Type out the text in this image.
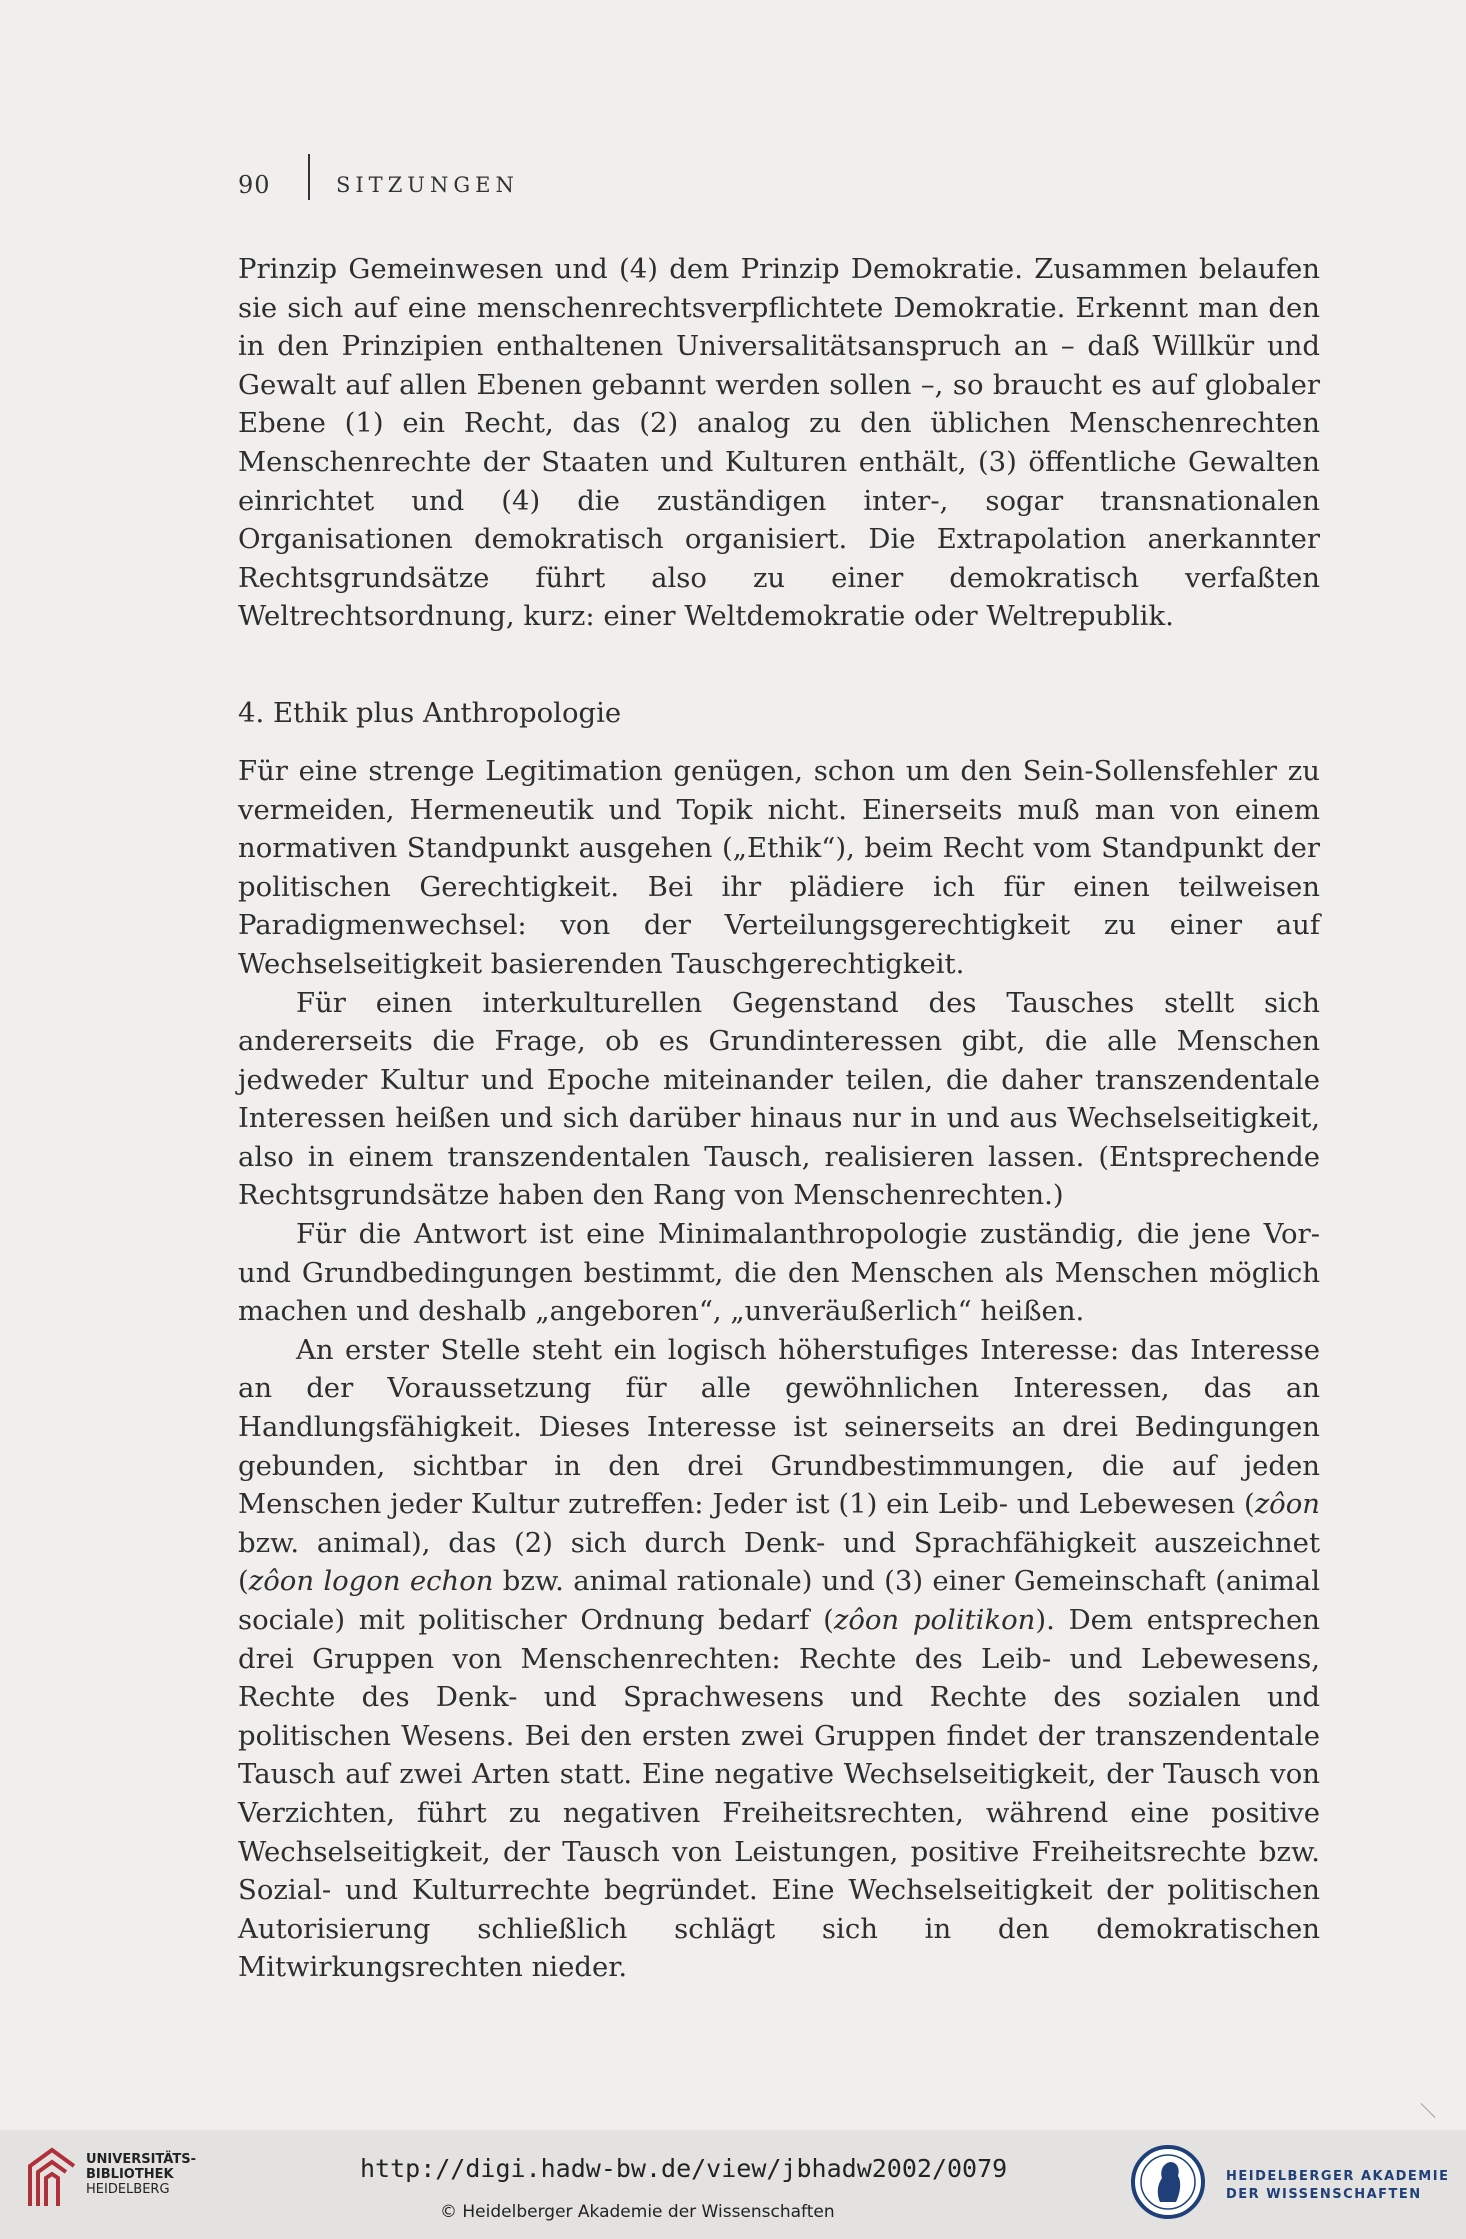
90	SITZUNGEN

Prinzip Gemeinwesen und (4) dem Prinzip Demokratie. Zusammen belaufen sie sich auf eine menschenrechtsverpflichtete Demokratie. Erkennt man den in den Prinzipien enthaltenen Universalitätsanspruch an – daß Willkür und Gewalt auf allen Ebenen gebannt werden sollen –, so braucht es auf globaler Ebene (1) ein Recht, das (2) analog zu den üblichen Menschenrechten Menschenrechte der Staaten und Kulturen enthält, (3) öffentliche Gewalten einrichtet und (4) die zuständigen inter-, sogar transnationalen Organisationen demokratisch organisiert. Die Extrapolation anerkannter Rechtsgrundsätze führt also zu einer demokratisch verfaßten Weltrechtsordnung, kurz: einer Weltdemokratie oder Weltrepublik.

4. Ethik plus Anthropologie

Für eine strenge Legitimation genügen, schon um den Sein-Sollensfehler zu vermeiden, Hermeneutik und Topik nicht. Einerseits muß man von einem normativen Standpunkt ausgehen („Ethik“), beim Recht vom Standpunkt der politischen Gerechtigkeit. Bei ihr plädiere ich für einen teilweisen Paradigmenwechsel: von der Verteilungsgerechtigkeit zu einer auf Wechselseitigkeit basierenden Tauschgerechtigkeit.

Für einen interkulturellen Gegenstand des Tausches stellt sich andererseits die Frage, ob es Grundinteressen gibt, die alle Menschen jedweder Kultur und Epoche miteinander teilen, die daher transzendentale Interessen heißen und sich darüber hinaus nur in und aus Wechselseitigkeit, also in einem transzendentalen Tausch, realisieren lassen. (Entsprechende Rechtsgrundsätze haben den Rang von Menschenrechten.)

Für die Antwort ist eine Minimalanthropologie zuständig, die jene Vor- und Grundbedingungen bestimmt, die den Menschen als Menschen möglich machen und deshalb „angeboren“, „unveräußerlich“ heißen.

An erster Stelle steht ein logisch höherstufiges Interesse: das Interesse an der Voraussetzung für alle gewöhnlichen Interessen, das an Handlungsfähigkeit. Dieses Interesse ist seinerseits an drei Bedingungen gebunden, sichtbar in den drei Grundbestimmungen, die auf jeden Menschen jeder Kultur zutreffen: Jeder ist (1) ein Leib- und Lebewesen (zôon bzw. animal), das (2) sich durch Denk- und Sprachfähigkeit auszeichnet (zôon logon echon bzw. animal rationale) und (3) einer Gemeinschaft (animal sociale) mit politischer Ordnung bedarf (zôon politikon). Dem entsprechen drei Gruppen von Menschenrechten: Rechte des Leib- und Lebewesens, Rechte des Denk- und Sprachwesens und Rechte des sozialen und politischen Wesens. Bei den ersten zwei Gruppen findet der transzendentale Tausch auf zwei Arten statt. Eine negative Wechselseitigkeit, der Tausch von Verzichten, führt zu negativen Freiheitsrechten, während eine positive Wechselseitigkeit, der Tausch von Leistungen, positive Freiheitsrechte bzw. Sozial- und Kulturrechte begründet. Eine Wechselseitigkeit der politischen Autorisierung schließlich schlägt sich in den demokratischen Mitwirkungsrechten nieder.

UNIVERSITÄTS-
BIBLIOTHEK
HEIDELBERG
http://digi.hadw-bw.de/view/jbhadw2002/0079
© Heidelberger Akademie der Wissenschaften
HEIDELBERGER AKADEMIE
DER WISSENSCHAFTEN
